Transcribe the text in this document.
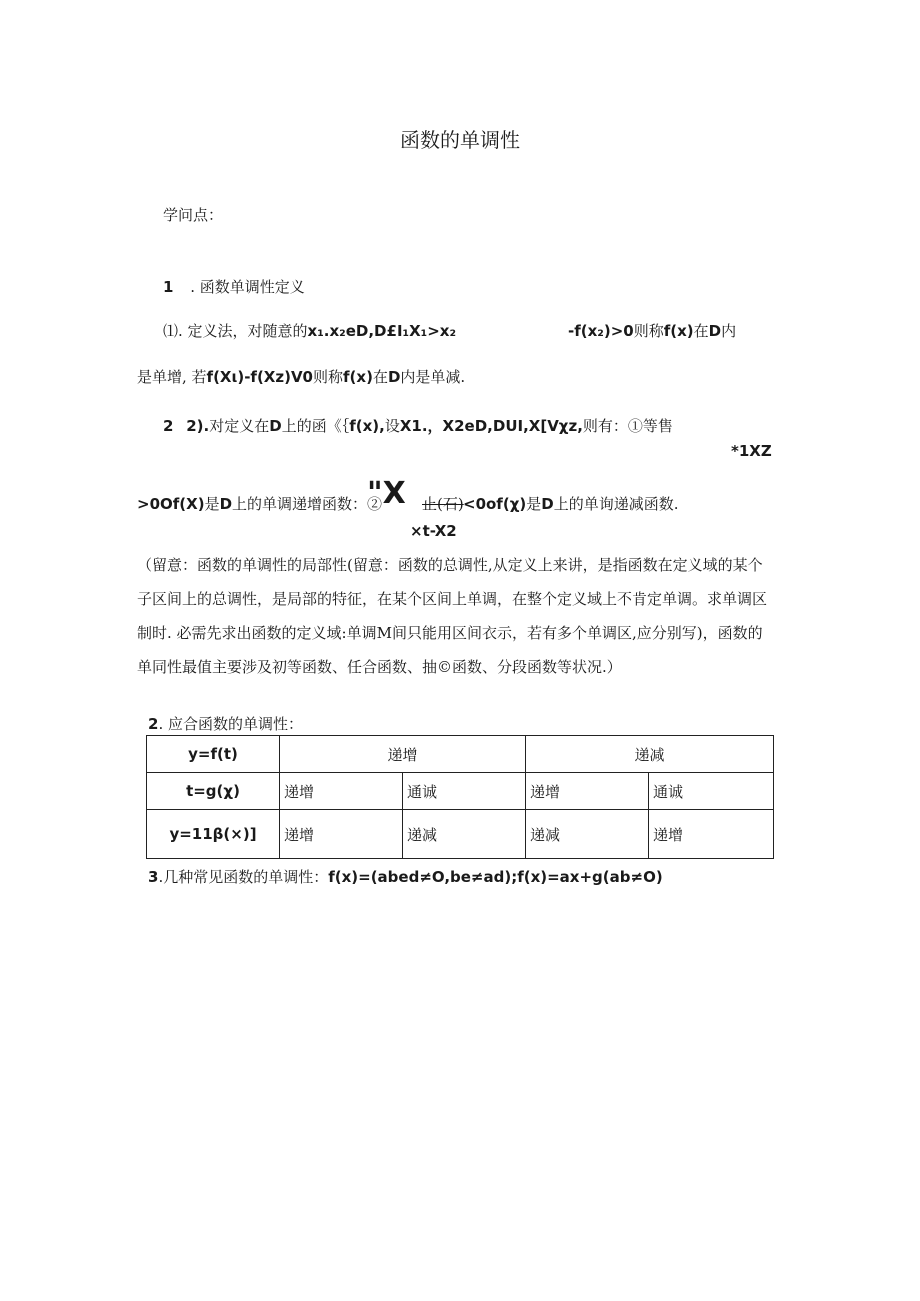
函数的单调性
学问点：
1 . 函数单调性定义
⑴. 定义法，对随意的x₁.x₂eD,D£I₁X₁>x₂	-f(x₂)>0则称f(x)在D内
是单增, 若f(Xι)-f(Xz)V0则称f(x)在D内是单减.
2 2).对定义在D上的函《｛f(x),设X1.，X2eD,DUI,X[Vχz,则有：①等售
*1XZ
>0Of(X)是D上的单调递增函数：②
"X 止(石) <0of(χ)是D上的单询递减函数.
×t-X2
（留意：函数的单调性的局部性(留意：函数的总调性,从定义上来讲，是指函数在定义域的某个子区间上的总调性，是局部的特征，在某个区间上单调，在整个定义域上不肯定单调。求单调区制时. 必需先求出函数的定义域:单调M间只能用区间衣示，若有多个单调区,应分别写)，函数的单同性最值主要涉及初等函数、任合函数、抽©函数、分段函数等状况.）
2. 应合函数的单调性：
y=f(t)	递增		递减	
t=g(χ)	递增	通诚	递增	通诚
y=11β(×)]	递增	递减	递减	递增
3.几种常见函数的单调性：f(x)=(abed≠O,be≠ad);f(x)=ax+g(ab≠O)
